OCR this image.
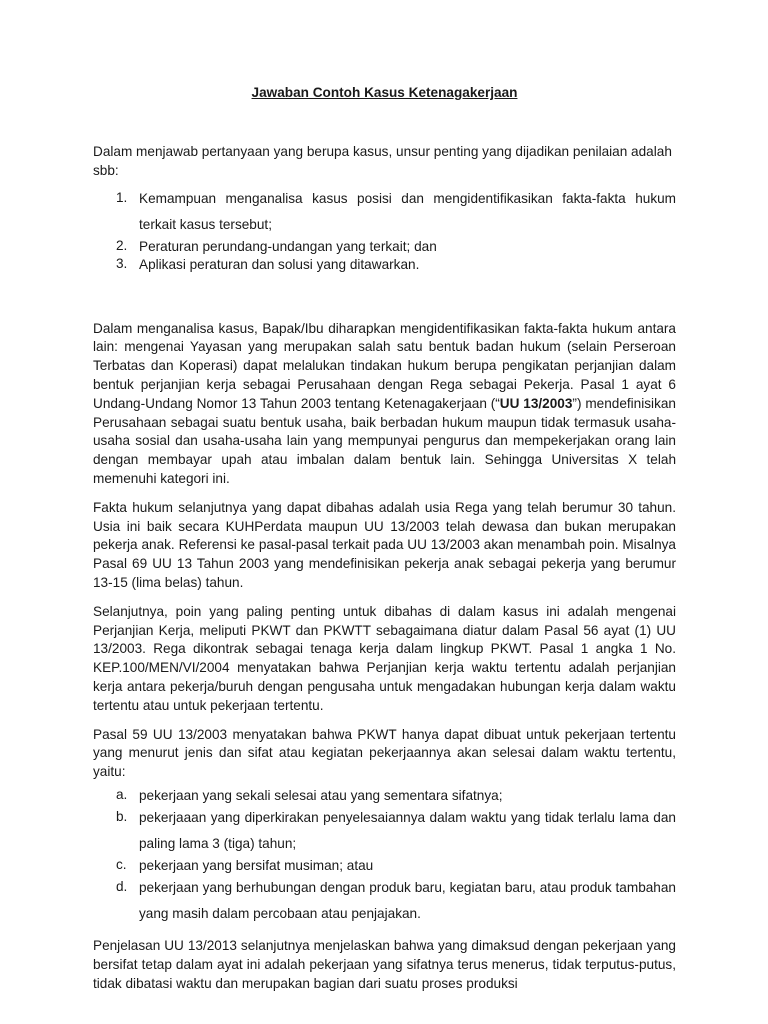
Jawaban Contoh Kasus Ketenagakerjaan

Dalam menjawab pertanyaan yang berupa kasus, unsur penting yang dijadikan penilaian adalah sbb:

1. Kemampuan menganalisa kasus posisi dan mengidentifikasikan fakta-fakta hukum terkait kasus tersebut;
2. Peraturan perundang-undangan yang terkait; dan
3. Aplikasi peraturan dan solusi yang ditawarkan.

Dalam menganalisa kasus, Bapak/Ibu diharapkan mengidentifikasikan fakta-fakta hukum antara lain: mengenai Yayasan yang merupakan salah satu bentuk badan hukum (selain Perseroan Terbatas dan Koperasi) dapat melalukan tindakan hukum berupa pengikatan perjanjian dalam bentuk perjanjian kerja sebagai Perusahaan dengan Rega sebagai Pekerja. Pasal 1 ayat 6 Undang-Undang Nomor 13 Tahun 2003 tentang Ketenagakerjaan (“UU 13/2003”) mendefinisikan Perusahaan sebagai suatu bentuk usaha, baik berbadan hukum maupun tidak termasuk usaha-usaha sosial dan usaha-usaha lain yang mempunyai pengurus dan mempekerjakan orang lain dengan membayar upah atau imbalan dalam bentuk lain. Sehingga Universitas X telah memenuhi kategori ini.

Fakta hukum selanjutnya yang dapat dibahas adalah usia Rega yang telah berumur 30 tahun. Usia ini baik secara KUHPerdata maupun UU 13/2003 telah dewasa dan bukan merupakan pekerja anak. Referensi ke pasal-pasal terkait pada UU 13/2003 akan menambah poin. Misalnya Pasal 69 UU 13 Tahun 2003 yang mendefinisikan pekerja anak sebagai pekerja yang berumur 13-15 (lima belas) tahun.

Selanjutnya, poin yang paling penting untuk dibahas di dalam kasus ini adalah mengenai Perjanjian Kerja, meliputi PKWT dan PKWTT sebagaimana diatur dalam Pasal 56 ayat (1) UU 13/2003. Rega dikontrak sebagai tenaga kerja dalam lingkup PKWT. Pasal 1 angka 1 No. KEP.100/MEN/VI/2004 menyatakan bahwa Perjanjian kerja waktu tertentu adalah perjanjian kerja antara pekerja/buruh dengan pengusaha untuk mengadakan hubungan kerja dalam waktu tertentu atau untuk pekerjaan tertentu.

Pasal 59 UU 13/2003 menyatakan bahwa PKWT hanya dapat dibuat untuk pekerjaan tertentu yang menurut jenis dan sifat atau kegiatan pekerjaannya akan selesai dalam waktu tertentu, yaitu:

a. pekerjaan yang sekali selesai atau yang sementara sifatnya;
b. pekerjaaan yang diperkirakan penyelesaiannya dalam waktu yang tidak terlalu lama dan paling lama 3 (tiga) tahun;
c. pekerjaan yang bersifat musiman; atau
d. pekerjaan yang berhubungan dengan produk baru, kegiatan baru, atau produk tambahan yang masih dalam percobaan atau penjajakan.

Penjelasan UU 13/2013 selanjutnya menjelaskan bahwa yang dimaksud dengan pekerjaan yang bersifat tetap dalam ayat ini adalah pekerjaan yang sifatnya terus menerus, tidak terputus-putus, tidak dibatasi waktu dan merupakan bagian dari suatu proses produksi
